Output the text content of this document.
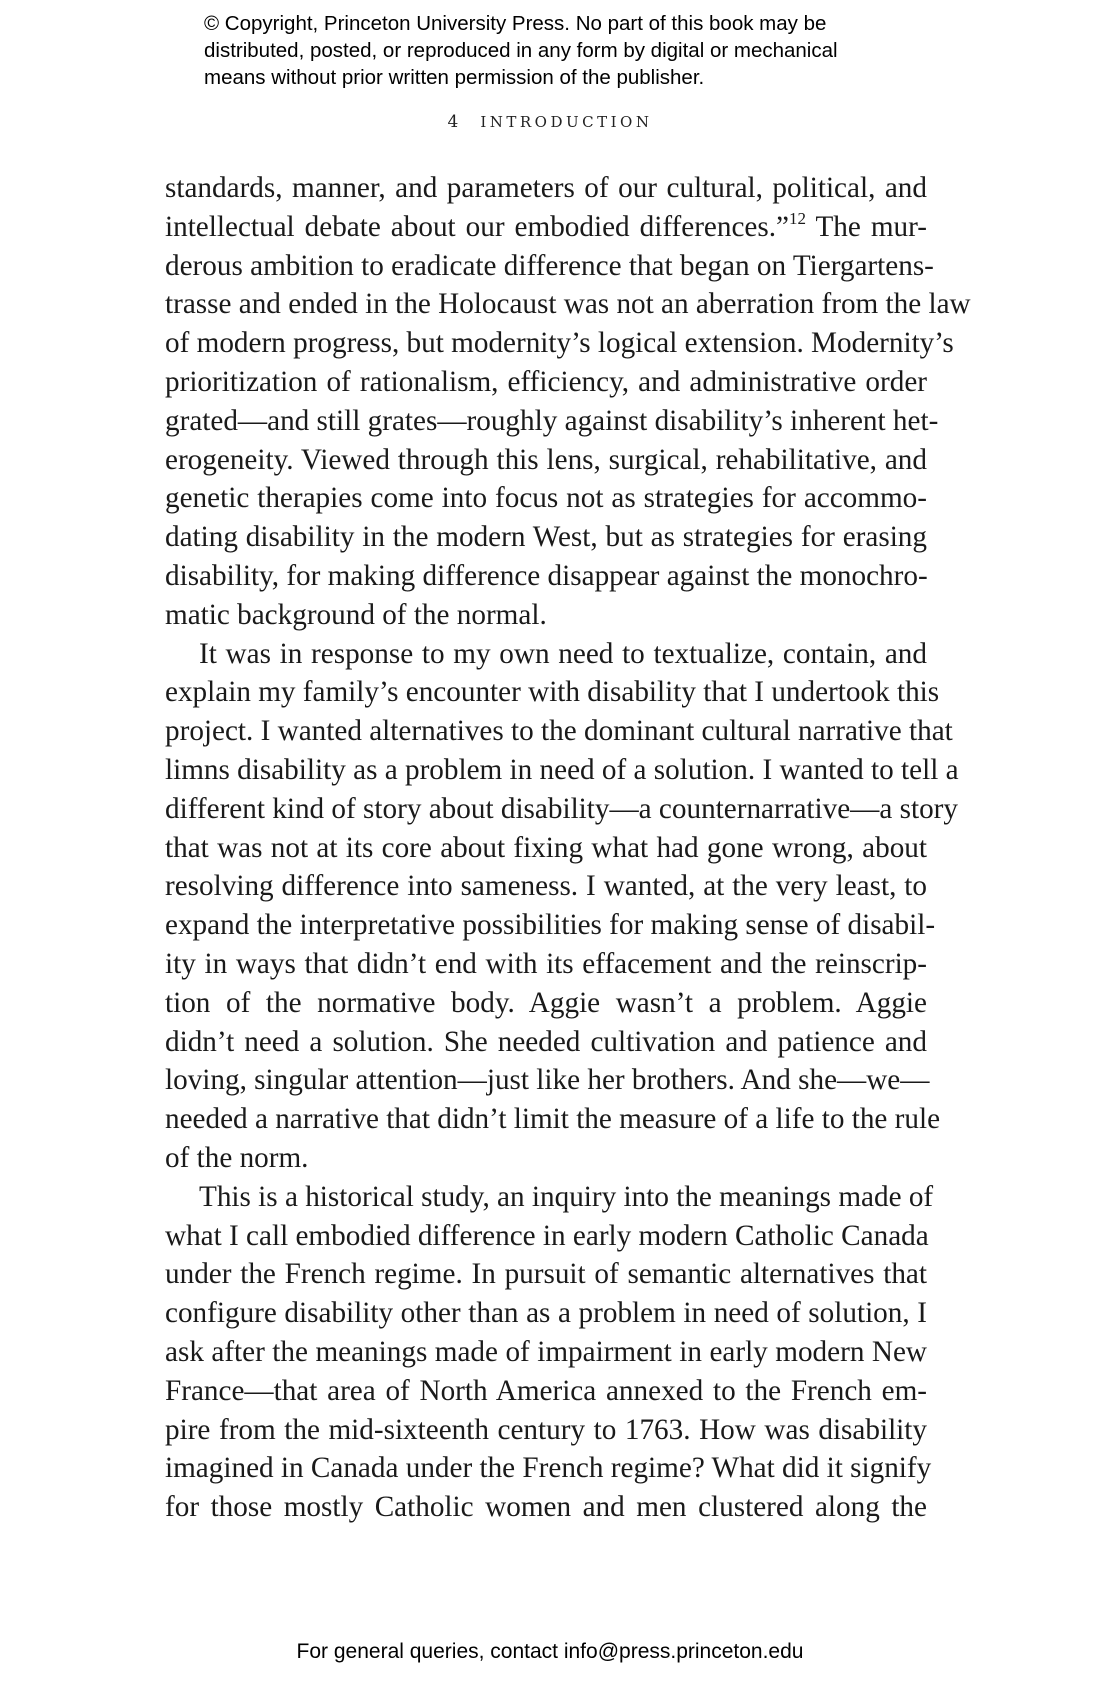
© Copyright, Princeton University Press. No part of this book may be
distributed, posted, or reproduced in any form by digital or mechanical
means without prior written permission of the publisher.
4 INTRODUCTION
standards, manner, and parameters of our cultural, political, and
intellectual debate about our embodied differences.”$^{12}$ The mur-
derous ambition to eradicate difference that began on Tiergartens-
trasse and ended in the Holocaust was not an aberration from the law
of modern progress, but modernity’s logical extension. Modernity’s
prioritization of rationalism, efficiency, and administrative order
grated—and still grates—roughly against disability’s inherent het-
erogeneity. Viewed through this lens, surgical, rehabilitative, and
genetic therapies come into focus not as strategies for accommo-
dating disability in the modern West, but as strategies for erasing
disability, for making difference disappear against the monochro-
matic background of the normal.
It was in response to my own need to textualize, contain, and
explain my family’s encounter with disability that I undertook this
project. I wanted alternatives to the dominant cultural narrative that
limns disability as a problem in need of a solution. I wanted to tell a
different kind of story about disability—a counternarrative—a story
that was not at its core about fixing what had gone wrong, about
resolving difference into sameness. I wanted, at the very least, to
expand the interpretative possibilities for making sense of disabil-
ity in ways that didn’t end with its effacement and the reinscrip-
tion of the normative body. Aggie wasn’t a problem. Aggie
didn’t need a solution. She needed cultivation and patience and
loving, singular attention—just like her brothers. And she—we—
needed a narrative that didn’t limit the measure of a life to the rule
of the norm.
This is a historical study, an inquiry into the meanings made of
what I call embodied difference in early modern Catholic Canada
under the French regime. In pursuit of semantic alternatives that
configure disability other than as a problem in need of solution, I
ask after the meanings made of impairment in early modern New
France—that area of North America annexed to the French em-
pire from the mid-sixteenth century to 1763. How was disability
imagined in Canada under the French regime? What did it signify
for those mostly Catholic women and men clustered along the
For general queries, contact info@press.princeton.edu
